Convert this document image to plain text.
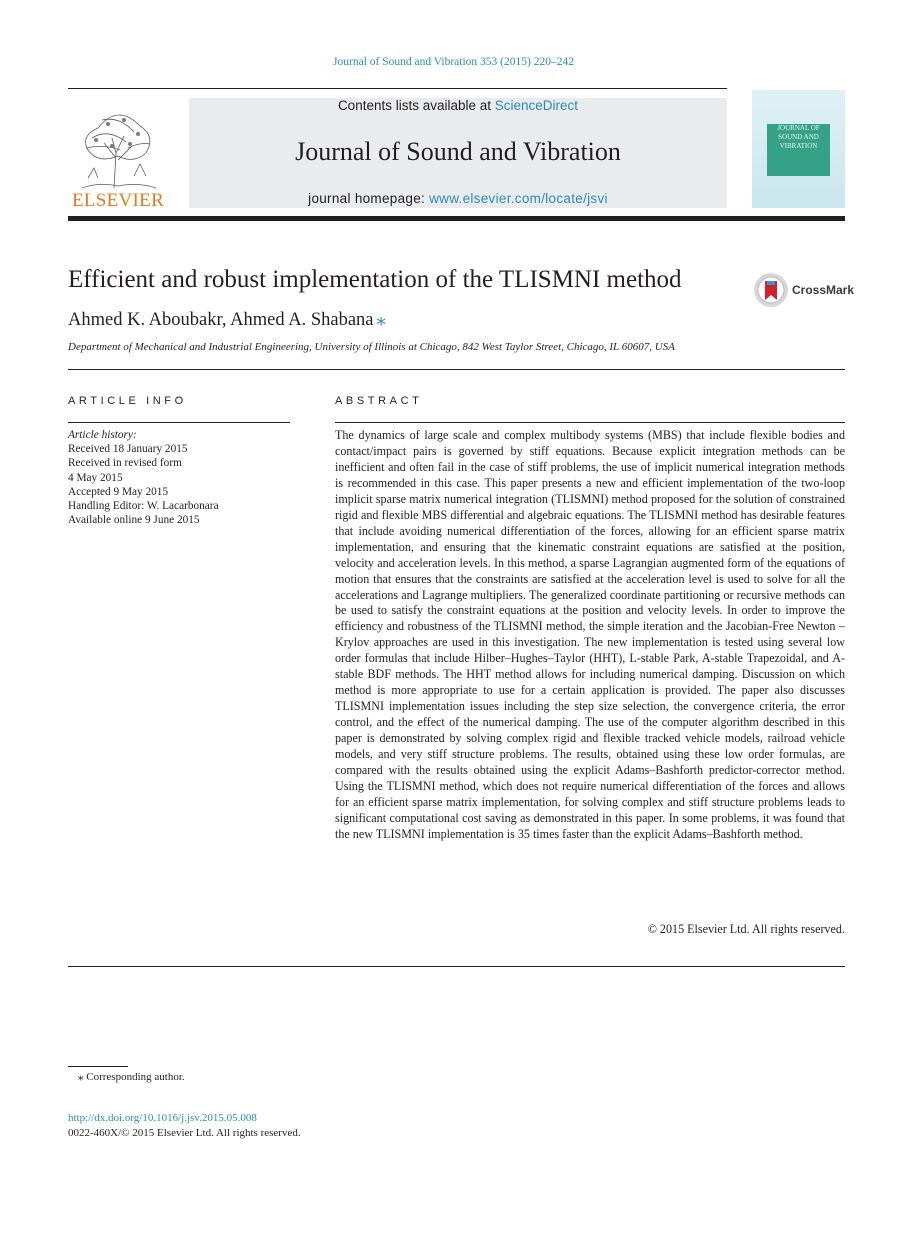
Journal of Sound and Vibration 353 (2015) 220–242
ELSEVIER
Contents lists available at ScienceDirect
Journal of Sound and Vibration
journal homepage: www.elsevier.com/locate/jsvi
JOURNAL OF SOUND AND VIBRATION
Efficient and robust implementation of the TLISMNI method	CrossMark
Ahmed K. Aboubakr, Ahmed A. Shabana ⁎
Department of Mechanical and Industrial Engineering, University of Illinois at Chicago, 842 West Taylor Street, Chicago, IL 60607, USA
ARTICLE INFO
Article history:
Received 18 January 2015
Received in revised form
4 May 2015
Accepted 9 May 2015
Handling Editor: W. Lacarbonara
Available online 9 June 2015
ABSTRACT
The dynamics of large scale and complex multibody systems (MBS) that include flexible bodies and contact/impact pairs is governed by stiff equations. Because explicit integration methods can be inefficient and often fail in the case of stiff problems, the use of implicit numerical integration methods is recommended in this case. This paper presents a new and efficient implementation of the two-loop implicit sparse matrix numerical integration (TLISMNI) method proposed for the solution of constrained rigid and flexible MBS differential and algebraic equations. The TLISMNI method has desirable features that include avoiding numerical differentiation of the forces, allowing for an efficient sparse matrix implementation, and ensuring that the kinematic constraint equations are satisfied at the position, velocity and acceleration levels. In this method, a sparse Lagrangian augmented form of the equations of motion that ensures that the constraints are satisfied at the acceleration level is used to solve for all the accelerations and Lagrange multipliers. The generalized coordinate partitioning or recursive methods can be used to satisfy the constraint equations at the position and velocity levels. In order to improve the efficiency and robustness of the TLISMNI method, the simple iteration and the Jacobian-Free Newton – Krylov approaches are used in this investigation. The new implementation is tested using several low order formulas that include Hilber–Hughes–Taylor (HHT), L-stable Park, A-stable Trapezoidal, and A-stable BDF methods. The HHT method allows for including numerical damping. Discussion on which method is more appropriate to use for a certain application is provided. The paper also discusses TLISMNI implementation issues including the step size selection, the convergence criteria, the error control, and the effect of the numerical damping. The use of the computer algorithm described in this paper is demonstrated by solving complex rigid and flexible tracked vehicle models, railroad vehicle models, and very stiff structure problems. The results, obtained using these low order formulas, are compared with the results obtained using the explicit Adams–Bashforth predictor-corrector method. Using the TLISMNI method, which does not require numerical differentiation of the forces and allows for an efficient sparse matrix implementation, for solving complex and stiff structure problems leads to significant computational cost saving as demonstrated in this paper. In some problems, it was found that the new TLISMNI implementation is 35 times faster than the explicit Adams–Bashforth method.
© 2015 Elsevier Ltd. All rights reserved.
⁎ Corresponding author.
http://dx.doi.org/10.1016/j.jsv.2015.05.008
0022-460X/© 2015 Elsevier Ltd. All rights reserved.
